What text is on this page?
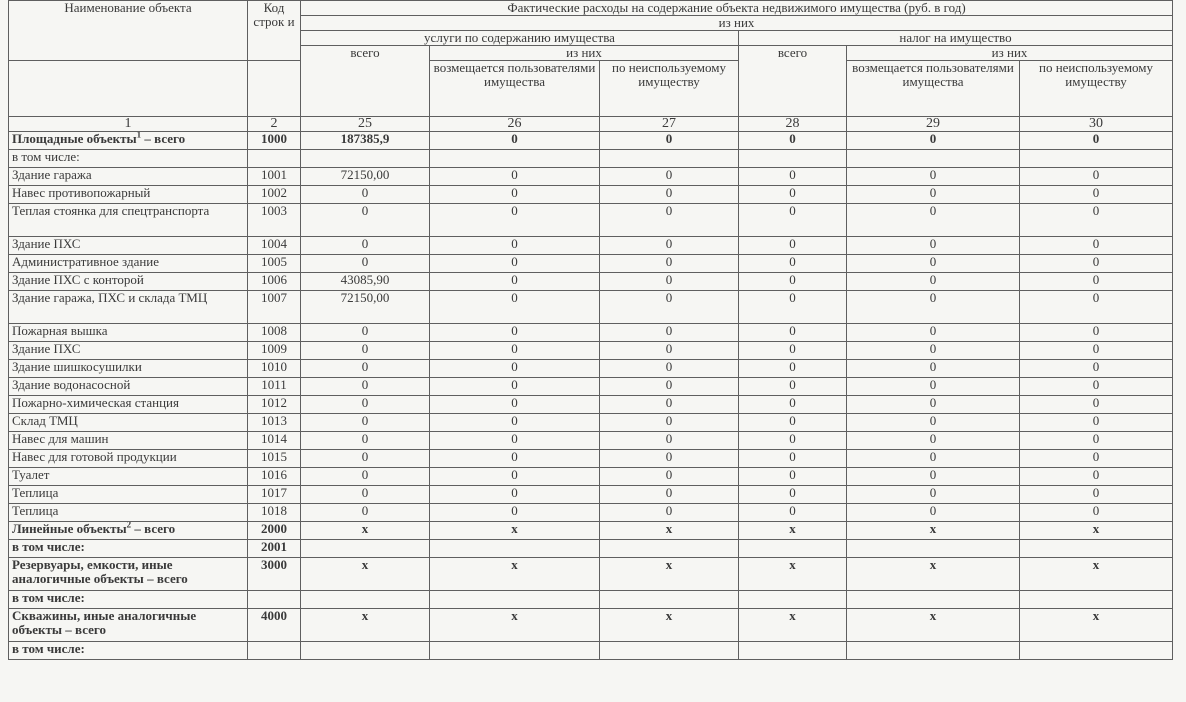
Наименование объекта	Код строк и	Фактические расходы на содержание объекта недвижимого имущества (руб. в год)					
		из них					
		услуги по содержанию имущества			налог на имущество		
		всего	из них		всего	из них	
			возмещается пользователями имущества	по неиспользуемому имуществу		возмещается пользователями имущества	по неиспользуемому имуществу
1	2	25	26	27	28	29	30
Площадные объекты$^1$ – всего	1000	187385,9	0	0	0	0	0
в том числе:							
Здание гаража	1001	72150,00	0	0	0	0	0
Навес противопожарный	1002	0	0	0	0	0	0
Теплая стоянка для спецтранспорта	1003	0	0	0	0	0	0
Здание ПХС	1004	0	0	0	0	0	0
Административное здание	1005	0	0	0	0	0	0
Здание ПХС с конторой	1006	43085,90	0	0	0	0	0
Здание гаража, ПХС и склада ТМЦ	1007	72150,00	0	0	0	0	0
Пожарная вышка	1008	0	0	0	0	0	0
Здание ПХС	1009	0	0	0	0	0	0
Здание шишкосушилки	1010	0	0	0	0	0	0
Здание водонасосной	1011	0	0	0	0	0	0
Пожарно-химическая станция	1012	0	0	0	0	0	0
Склад ТМЦ	1013	0	0	0	0	0	0
Навес для машин	1014	0	0	0	0	0	0
Навес для готовой продукции	1015	0	0	0	0	0	0
Туалет	1016	0	0	0	0	0	0
Теплица	1017	0	0	0	0	0	0
Теплица	1018	0	0	0	0	0	0
Линейные объекты$^2$ – всего	2000	х	х	х	х	х	х
в том числе:	2001						
Резервуары, емкости, иные аналогичные объекты – всего	3000	х	х	х	х	х	х
в том числе:							
Скважины, иные аналогичные объекты – всего	4000	х	х	х	х	х	х
в том числе:							
